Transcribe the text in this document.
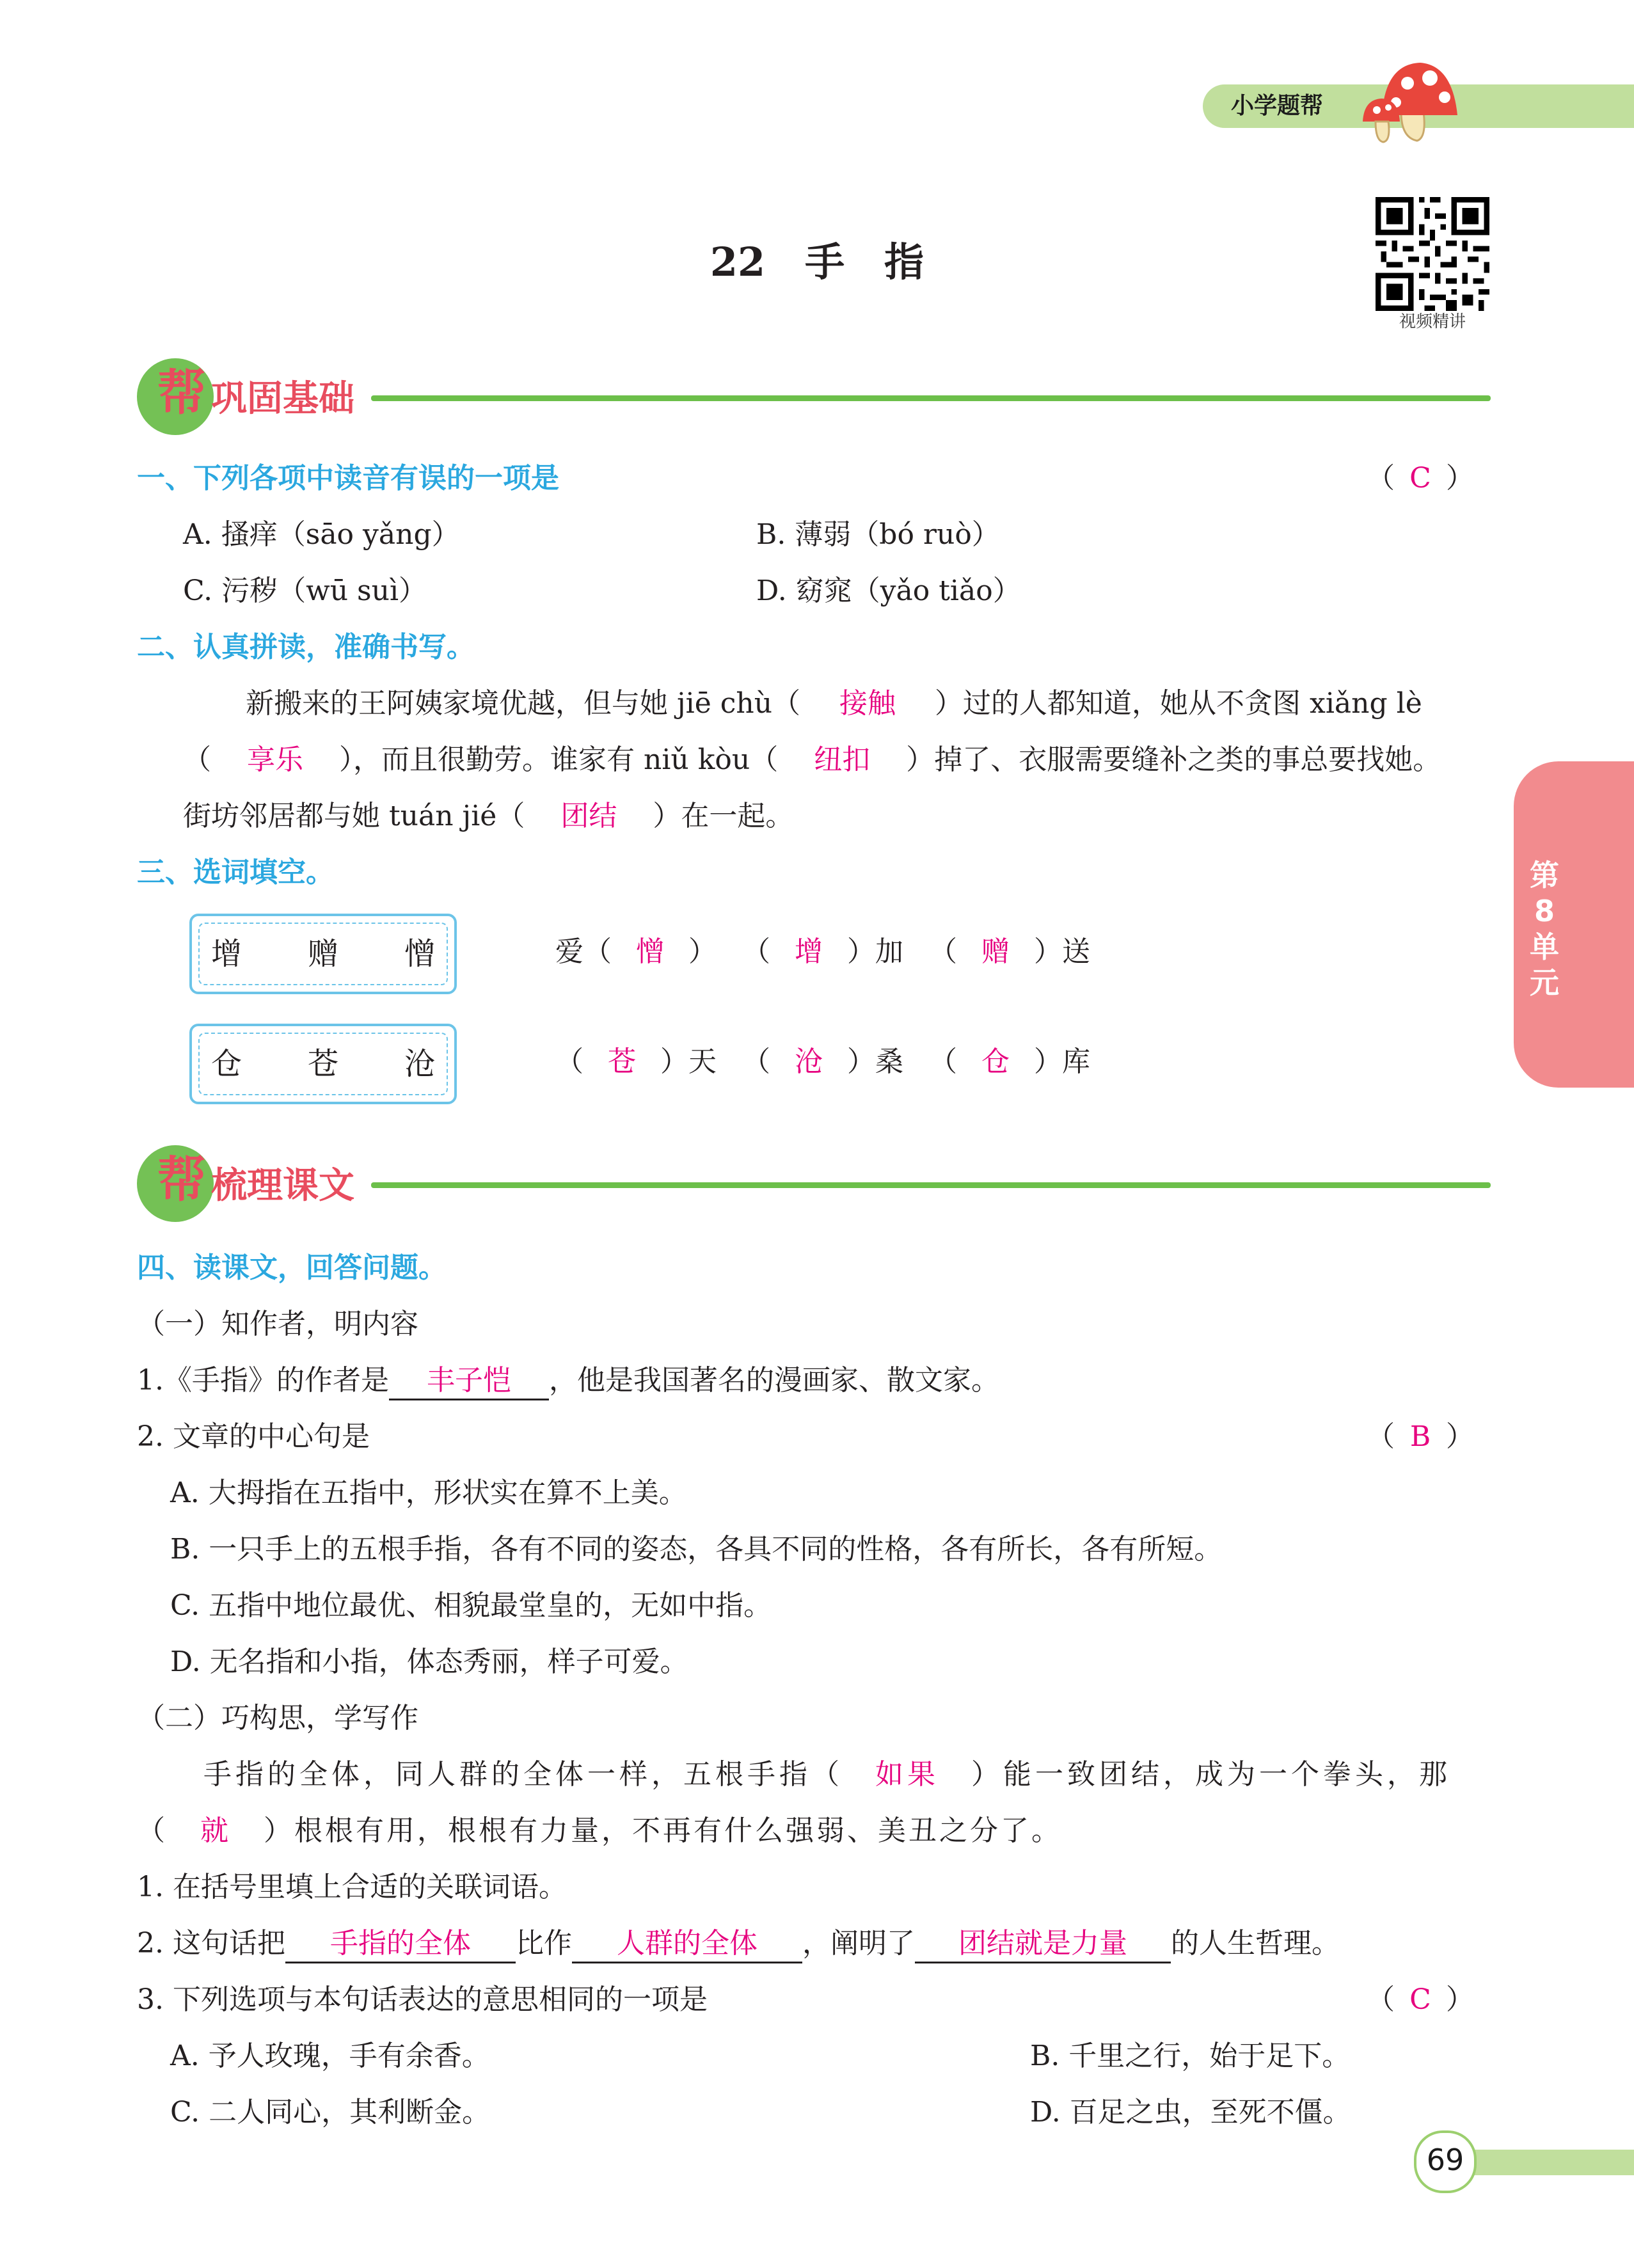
小学题帮
22　手　指
视频精讲
第8单元
帮 巩固基础
一、下列各项中读音有误的一项是	（ C ）
A. 搔痒（sāo yǎng）	B. 薄弱（bó ruò）
C. 污秽（wū suì）	D. 窈窕（yǎo tiǎo）
二、认真拼读，准确书写。
新搬来的王阿姨家境优越，但与她 jiē chù（ 接触 ）过的人都知道，她从不贪图 xiǎng lè
（ 享乐 ），而且很勤劳。谁家有 niǔ kòu（ 纽扣 ）掉了、衣服需要缝补之类的事总要找她。
街坊邻居都与她 tuán jié（ 团结 ）在一起。
三、选词填空。
增 赠 憎	爱（ 憎 ） （ 增 ）加 （ 赠 ）送
仓 苍 沧	（ 苍 ）天 （ 沧 ）桑 （ 仓 ）库
帮 梳理课文
四、读课文，回答问题。
（一）知作者，明内容
1.《手指》的作者是 丰子恺 ，他是我国著名的漫画家、散文家。
2. 文章的中心句是	（ B ）
A. 大拇指在五指中，形状实在算不上美。
B. 一只手上的五根手指，各有不同的姿态，各具不同的性格，各有所长，各有所短。
C. 五指中地位最优、相貌最堂皇的，无如中指。
D. 无名指和小指，体态秀丽，样子可爱。
（二）巧构思，学写作
手指的全体，同人群的全体一样，五根手指（ 如果 ）能一致团结，成为一个拳头，那
（ 就 ）根根有用，根根有力量，不再有什么强弱、美丑之分了。
1. 在括号里填上合适的关联词语。
2. 这句话把 手指的全体 比作 人群的全体 ，阐明了 团结就是力量 的人生哲理。
3. 下列选项与本句话表达的意思相同的一项是	（ C ）
A. 予人玫瑰，手有余香。	B. 千里之行，始于足下。
C. 二人同心，其利断金。	D. 百足之虫，至死不僵。
69
